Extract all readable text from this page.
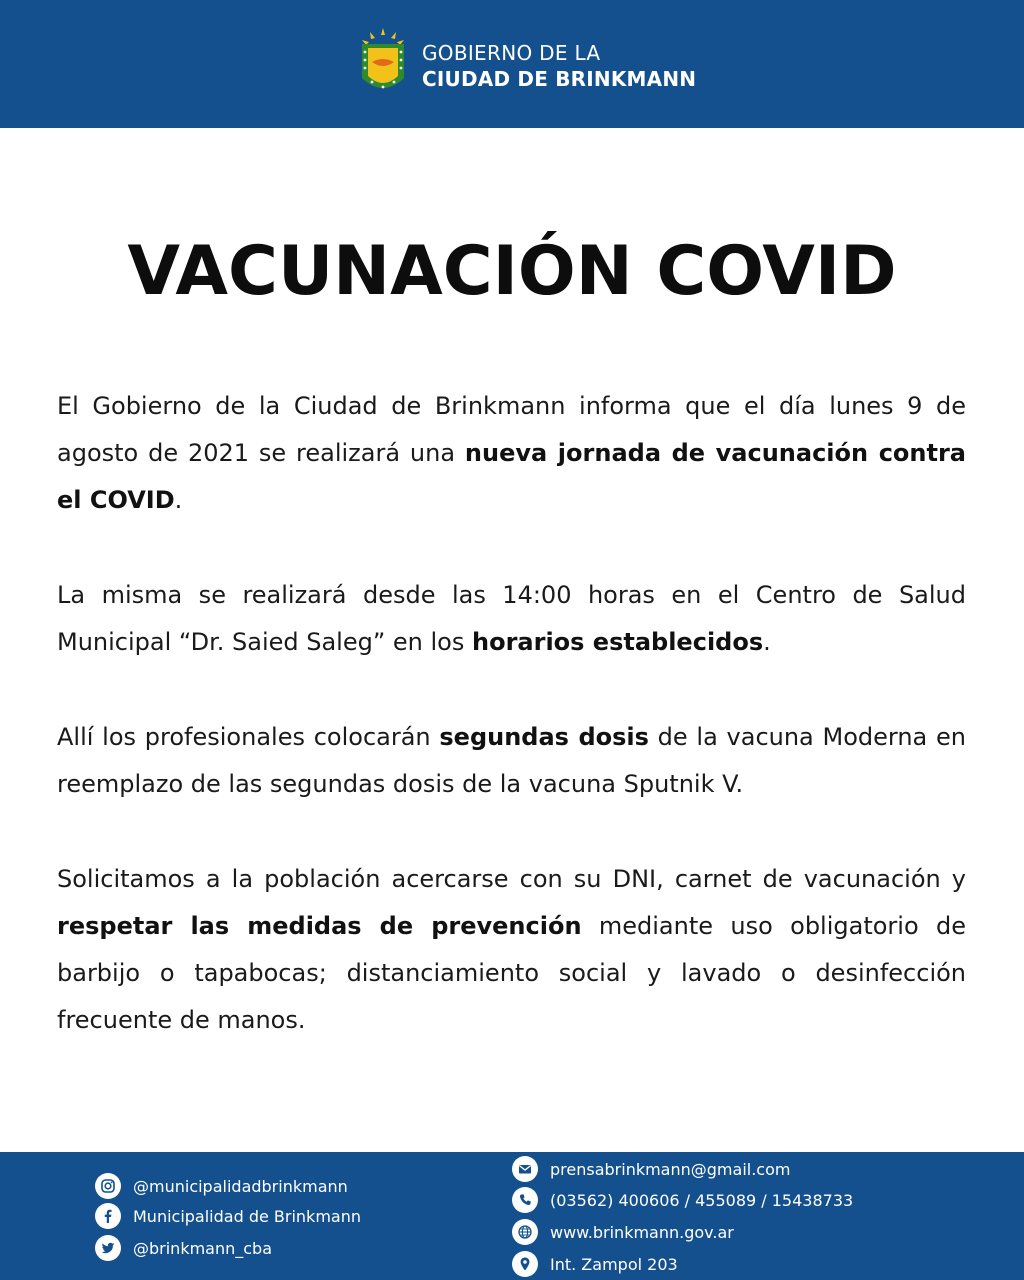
GOBIERNO DE LA
CIUDAD DE BRINKMANN
VACUNACIÓN COVID

El Gobierno de la Ciudad de Brinkmann informa que el día lunes 9 de agosto de 2021 se realizará una nueva jornada de vacunación contra el COVID.

La misma se realizará desde las 14:00 horas en el Centro de Salud Municipal “Dr. Saied Saleg” en los horarios establecidos.

Allí los profesionales colocarán segundas dosis de la vacuna Moderna en reemplazo de las segundas dosis de la vacuna Sputnik V.

Solicitamos a la población acercarse con su DNI, carnet de vacunación y respetar las medidas de prevención mediante uso obligatorio de barbijo o tapabocas; distanciamiento social y lavado o desinfección frecuente de manos.

@municipalidadbrinkmann
Municipalidad de Brinkmann
@brinkmann_cba
prensabrinkmann@gmail.com
(03562) 400606 / 455089 / 15438733
www.brinkmann.gov.ar
Int. Zampol 203
